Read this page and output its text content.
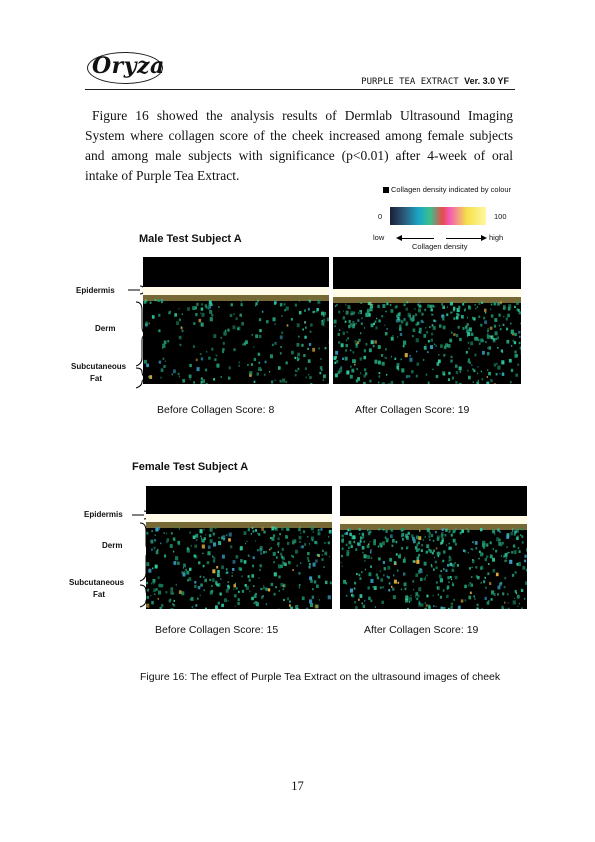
Oryza
PURPLE TEA EXTRACT Ver. 3.0 YF
Figure 16 showed the analysis results of Dermlab Ultrasound Imaging System where collagen score of the cheek increased among female subjects and among male subjects with significance (p<0.01) after 4-week of oral intake of Purple Tea Extract.
Collagen density indicated by colour
0	100
low	high
Collagen density
Male Test Subject A
Epidermis
Derm
Subcutaneous
Fat
Before Collagen Score: 8	After Collagen Score: 19
Female Test Subject A
Epidermis
Derm
Subcutaneous
Fat
Before Collagen Score: 15	After Collagen Score: 19
Figure 16: The effect of Purple Tea Extract on the ultrasound images of cheek
17
